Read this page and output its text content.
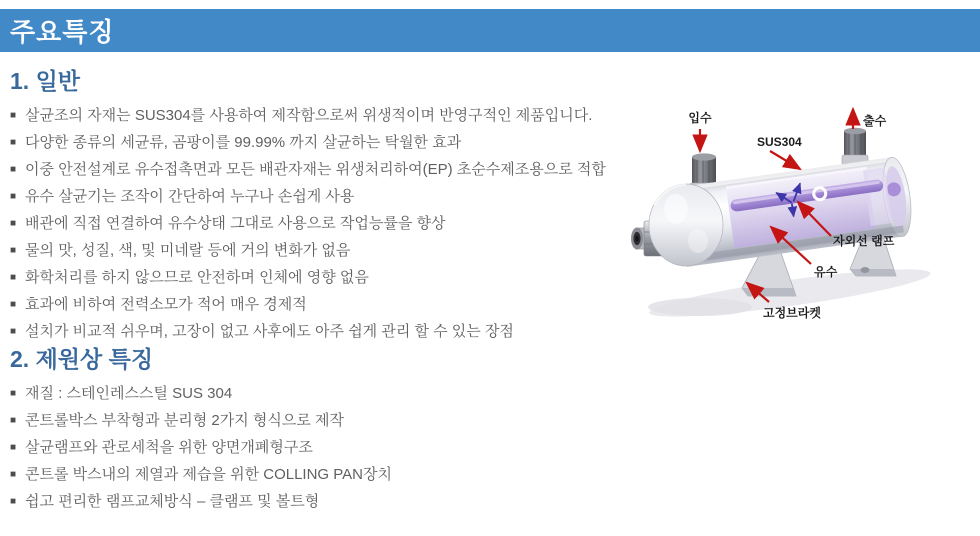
주요특징
1. 일반
■ 살균조의 자재는 SUS304를 사용하여 제작함으로써 위생적이며 반영구적인 제품입니다.
■ 다양한 종류의 세균류, 곰팡이를 99.99% 까지 살균하는 탁월한 효과
■ 이중 안전설계로 유수접촉면과 모든 배관자재는 위생처리하여(EP) 초순수제조용으로 적합
■ 유수 살균기는 조작이 간단하여 누구나 손쉽게 사용
■ 배관에 직접 연결하여 유수상태 그대로 사용으로 작업능률을 향상
■ 물의 맛, 성질, 색, 및 미네랄 등에 거의 변화가 없음
■ 화학처리를 하지 않으므로 안전하며 인체에 영향 없음
■ 효과에 비하여 전력소모가 적어 매우 경제적
■ 설치가 비교적 쉬우며, 고장이 없고 사후에도 아주 쉽게 관리 할 수 있는 장점
2. 제원상 특징
■ 재질 : 스테인레스스틸 SUS 304
■ 콘트롤박스 부착형과 분리형 2가지 형식으로 제작
■ 살균램프와 관로세척을 위한 양면개폐형구조
■ 콘트롤 박스내의 제열과 제습을 위한 COLLING PAN장치
■ 쉽고 편리한 램프교체방식 – 클램프 및 볼트형
입수	출수
SUS304
자외선 램프
유수
고정브라켓
